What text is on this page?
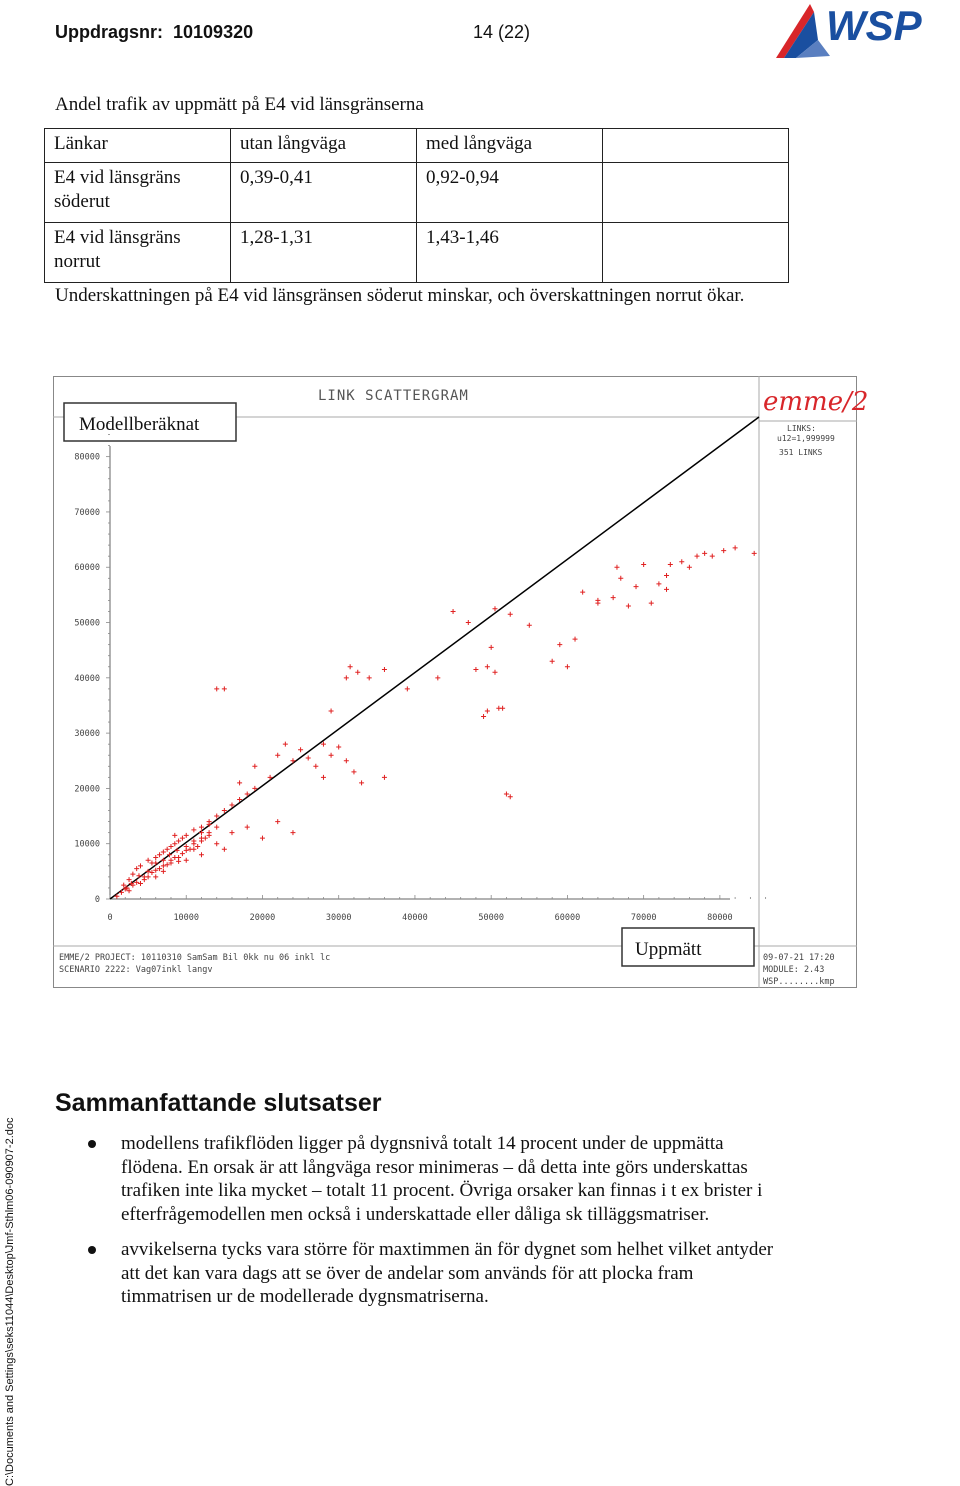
Uppdragsnr: 10109320	14 (22)	WSP
C:\Documents and Settings\seks11044\Desktop\Jmf-Sthlm06-090907-2.doc
Andel trafik av uppmätt på E4 vid länsgränserna
Länkar	utan långväga	med långväga	
E4 vid länsgräns söderut	0,39-0,41	0,92-0,94	
E4 vid länsgräns norrut	1,28-1,31	1,43-1,46	
Underskattningen på E4 vid länsgränsen söderut minskar, och överskattningen norrut ökar.
LINK SCATTERGRAM	emme/2
LINKS:
u12=1,999999
351 LINKS
Modellberäknat
Uppmätt
EMME/2 PROJECT: 10110310 SamSam Bil 0kk nu 06 inkl lc
SCENARIO 2222: Vag07inkl langv
09-07-21 17:20
MODULE: 2.43
WSP........kmp
0	10000	20000	30000	40000	50000	60000	70000	80000
0
10000
20000
30000
40000
50000
60000
70000
80000
Sammanfattande slutsatser
modellens trafikflöden ligger på dygnsnivå totalt 14 procent under de uppmätta flödena. En orsak är att långväga resor minimeras – då detta inte görs underskattas trafiken inte lika mycket – totalt 11 procent. Övriga orsaker kan finnas i t ex brister i efterfrågemodellen men också i underskattade eller dåliga sk tilläggsmatriser.
avvikelserna tycks vara större för maxtimmen än för dygnet som helhet vilket antyder att det kan vara dags att se över de andelar som används för att plocka fram timmatrisen ur de modellerade dygnsmatriserna.
